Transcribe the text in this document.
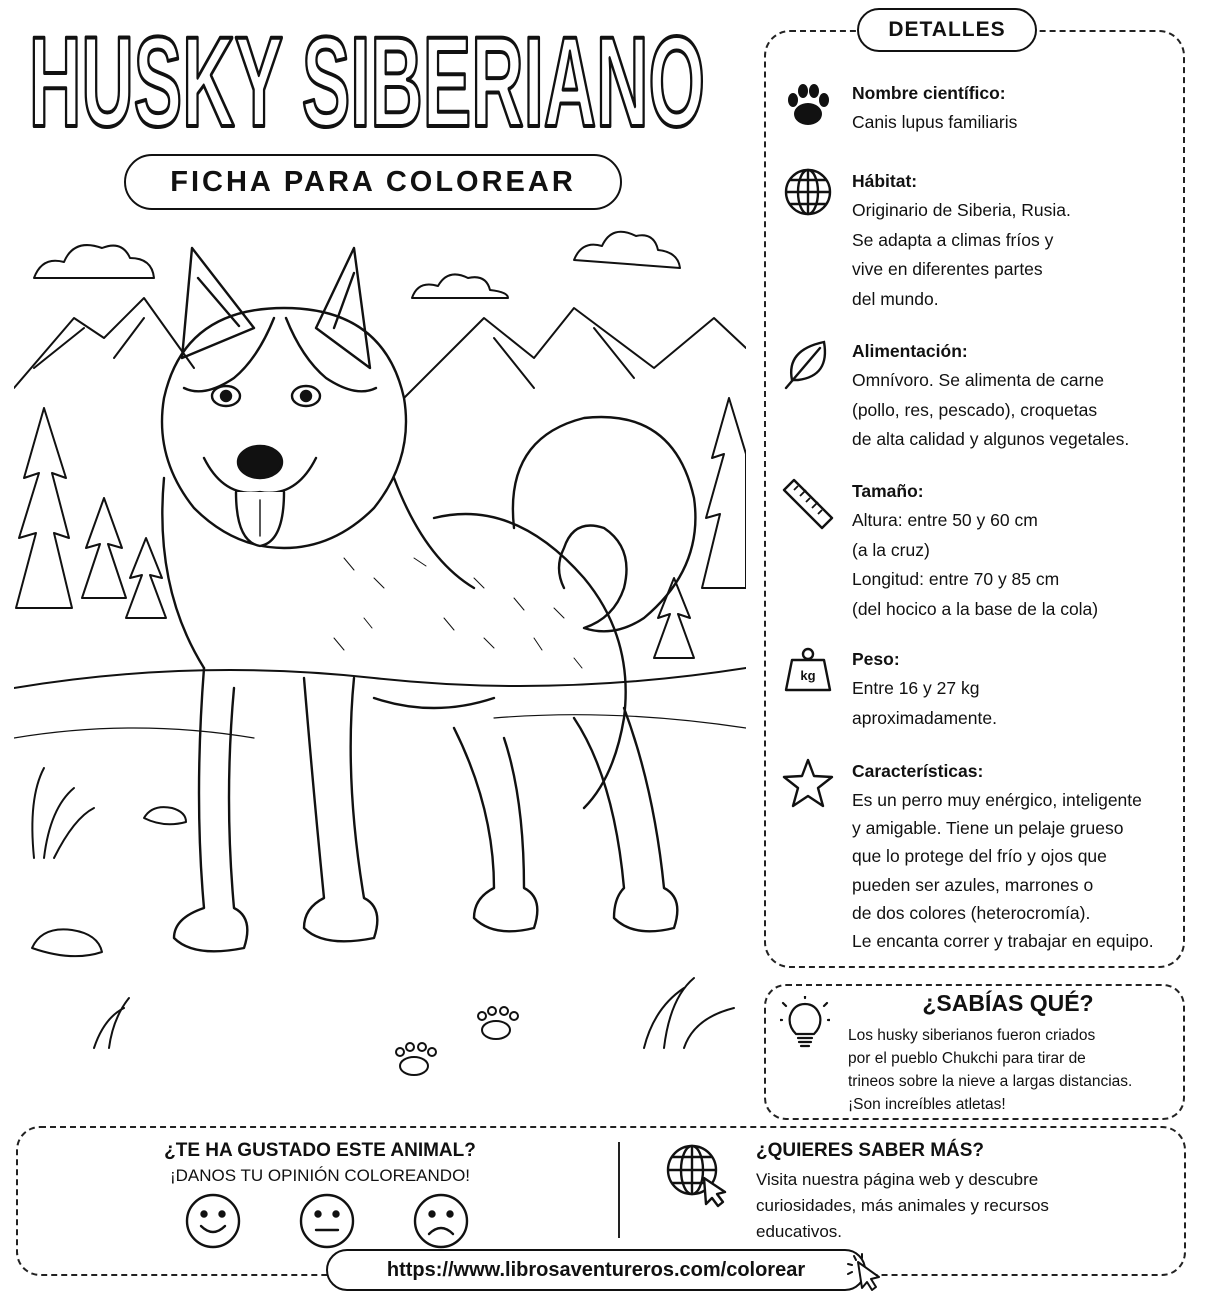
HUSKY SIBERIANO
FICHA PARA COLOREAR
DETALLES
Nombre científico:
Canis lupus familiaris
Hábitat:
Originario de Siberia, Rusia.
Se adapta a climas fríos y
vive en diferentes partes
del mundo.
Alimentación:
Omnívoro. Se alimenta de carne
(pollo, res, pescado), croquetas
de alta calidad y algunos vegetales.
Tamaño:
Altura: entre 50 y 60 cm
(a la cruz)
Longitud: entre 70 y 85 cm
(del hocico a la base de la cola)
kg
Peso:
Entre 16 y 27 kg
aproximadamente.
Características:
Es un perro muy enérgico, inteligente
y amigable. Tiene un pelaje grueso
que lo protege del frío y ojos que
pueden ser azules, marrones o
de dos colores (heterocromía).
Le encanta correr y trabajar en equipo.
¿SABÍAS QUÉ?
Los husky siberianos fueron criados
por el pueblo Chukchi para tirar de
trineos sobre la nieve a largas distancias.
¡Son increíbles atletas!
¿TE HA GUSTADO ESTE ANIMAL?
¡DANOS TU OPINIÓN COLOREANDO!
¿QUIERES SABER MÁS?
Visita nuestra página web y descubre
curiosidades, más animales y recursos
educativos.
https://www.librosaventureros.com/colorear
